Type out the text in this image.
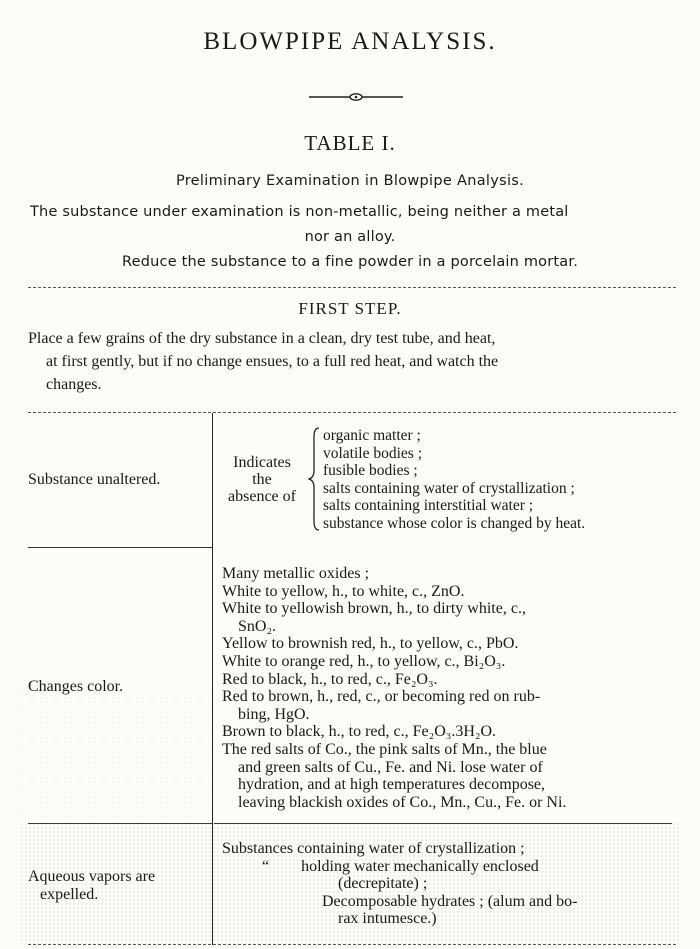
BLOWPIPE ANALYSIS.
TABLE I.
Preliminary Examination in Blowpipe Analysis.
The substance under examination is non-metallic, being neither a metal
nor an alloy.
Reduce the substance to a fine powder in a porcelain mortar.
FIRST STEP.
Place a few grains of the dry substance in a clean, dry test tube, and heat,
at first gently, but if no change ensues, to a full red heat, and watch the
changes.
Substance unaltered.
Indicates
the
absence of
organic matter ;
volatile bodies ;
fusible bodies ;
salts containing water of crystallization ;
salts containing interstitial water ;
substance whose color is changed by heat.
Changes color.
Many metallic oxides ;
White to yellow, h., to white, c., ZnO.
White to yellowish brown, h., to dirty white, c.,
SnO₂.
Yellow to brownish red, h., to yellow, c., PbO.
White to orange red, h., to yellow, c., Bi₂O₃.
Red to black, h., to red, c., Fe₂O₃.
Red to brown, h., red, c., or becoming red on rub-
bing, HgO.
Brown to black, h., to red, c., Fe₂O₃.3H₂O.
The red salts of Co., the pink salts of Mn., the blue
and green salts of Cu., Fe. and Ni. lose water of
hydration, and at high temperatures decompose,
leaving blackish oxides of Co., Mn., Cu., Fe. or Ni.
Aqueous vapors are
expelled.
Substances containing water of crystallization ;
“        holding water mechanically enclosed
(decrepitate) ;
Decomposable hydrates ; (alum and bo-
rax intumesce.)
